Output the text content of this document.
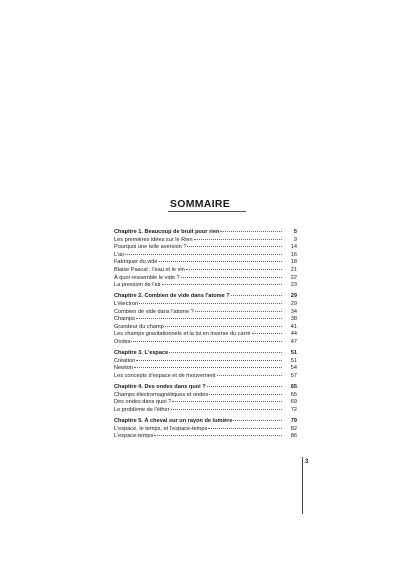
SOMMAIRE
Chapitre 1. Beaucoup de bruit pour rien	5
Les premières idées sur le Rien	9
Pourquoi une telle aversion ?	14
L'air	16
Fabriquer du vide	18
Blaise Pascal : l'eau et le vin	21
À quoi ressemble le vide ?	22
La pression de l'air	23
Chapitre 2. Combien de vide dans l'atome ?	29
L'électron	29
Combien de vide dans l'atome ?	34
Champs	38
Grandeur du champ	41
Les champs gravitationnels et la loi en inverse du carré	44
Ondes	47
Chapitre 3. L'espace	51
Création	51
Newton	54
Les concepts d'espace et de mouvement	57
Chapitre 4. Des ondes dans quoi ?	65
Champs électromagnétiques et ondes	65
Des ondes dans quoi ?	69
Le problème de l'éther	72
Chapitre 5. À cheval sur un rayon de lumière	79
L'espace, le temps, et l'espace-temps	82
L'espace-temps	86
3
